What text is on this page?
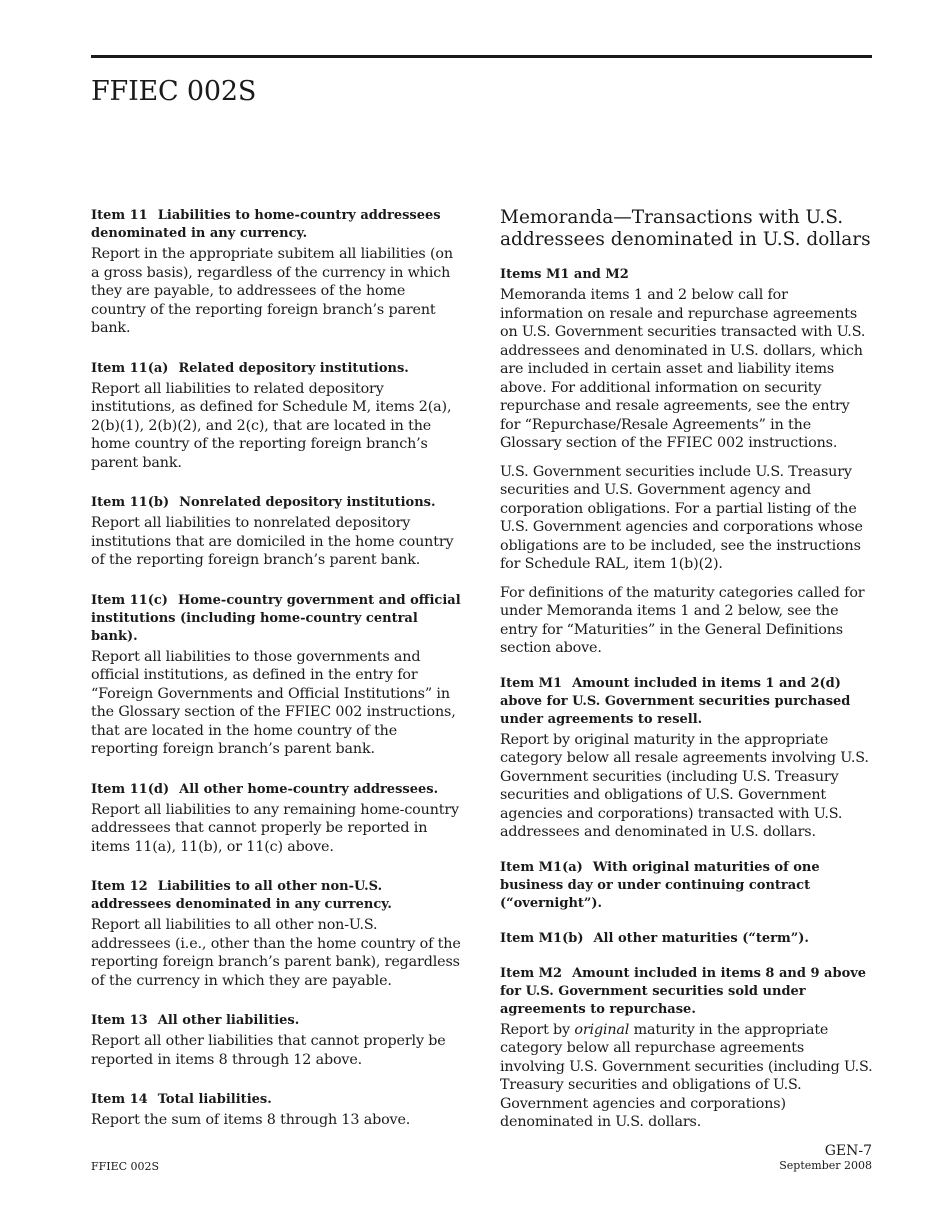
FFIEC 002S

Item 11 Liabilities to home-country addressees denominated in any currency.

Report in the appropriate subitem all liabilities (on a gross basis), regardless of the currency in which they are payable, to addressees of the home country of the reporting foreign branch’s parent bank.

Item 11(a) Related depository institutions.

Report all liabilities to related depository institutions, as defined for Schedule M, items 2(a), 2(b)(1), 2(b)(2), and 2(c), that are located in the home country of the reporting foreign branch’s parent bank.

Item 11(b) Nonrelated depository institutions.

Report all liabilities to nonrelated depository institutions that are domiciled in the home country of the reporting foreign branch’s parent bank.

Item 11(c) Home-country government and official institutions (including home-country central bank).

Report all liabilities to those governments and official institutions, as defined in the entry for “Foreign Governments and Official Institutions” in the Glossary section of the FFIEC 002 instructions, that are located in the home country of the reporting foreign branch’s parent bank.

Item 11(d) All other home-country addressees.

Report all liabilities to any remaining home-country addressees that cannot properly be reported in items 11(a), 11(b), or 11(c) above.

Item 12 Liabilities to all other non-U.S. addressees denominated in any currency.

Report all liabilities to all other non-U.S. addressees (i.e., other than the home country of the reporting foreign branch’s parent bank), regardless of the currency in which they are payable.

Item 13 All other liabilities.

Report all other liabilities that cannot properly be reported in items 8 through 12 above.

Item 14 Total liabilities.

Report the sum of items 8 through 13 above.

Memoranda—Transactions with U.S. addressees denominated in U.S. dollars

Items M1 and M2

Memoranda items 1 and 2 below call for information on resale and repurchase agreements on U.S. Government securities transacted with U.S. addressees and denominated in U.S. dollars, which are included in certain asset and liability items above. For additional information on security repurchase and resale agreements, see the entry for “Repurchase/Resale Agreements” in the Glossary section of the FFIEC 002 instructions.

U.S. Government securities include U.S. Treasury securities and U.S. Government agency and corporation obligations. For a partial listing of the U.S. Government agencies and corporations whose obligations are to be included, see the instructions for Schedule RAL, item 1(b)(2).

For definitions of the maturity categories called for under Memoranda items 1 and 2 below, see the entry for “Maturities” in the General Definitions section above.

Item M1 Amount included in items 1 and 2(d) above for U.S. Government securities purchased under agreements to resell.

Report by original maturity in the appropriate category below all resale agreements involving U.S. Government securities (including U.S. Treasury securities and obligations of U.S. Government agencies and corporations) transacted with U.S. addressees and denominated in U.S. dollars.

Item M1(a) With original maturities of one business day or under continuing contract (“overnight”).

Item M1(b) All other maturities (“term”).

Item M2 Amount included in items 8 and 9 above for U.S. Government securities sold under agreements to repurchase.

Report by original maturity in the appropriate category below all repurchase agreements involving U.S. Government securities (including U.S. Treasury securities and obligations of U.S. Government agencies and corporations) denominated in U.S. dollars.

FFIEC 002S
GEN-7
September 2008
